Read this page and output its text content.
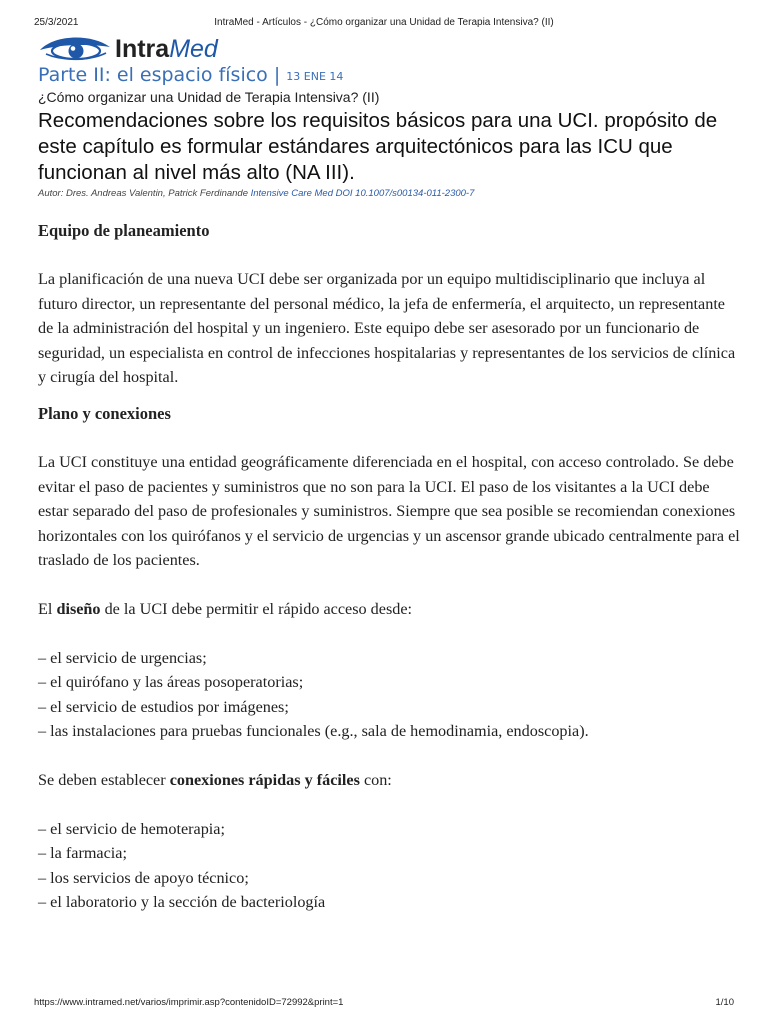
25/3/2021	IntraMed - Artículos - ¿Cómo organizar una Unidad de Terapia Intensiva? (II)
IntraMed
Parte II: el espacio físico | 13 ENE 14
¿Cómo organizar una Unidad de Terapia Intensiva? (II)
Recomendaciones sobre los requisitos básicos para una UCI. propósito de este capítulo es formular estándares arquitectónicos para las ICU que funcionan al nivel más alto (NA III).
Autor: Dres. Andreas Valentin, Patrick Ferdinande Intensive Care Med DOI 10.1007/s00134-011-2300-7
Equipo de planeamiento

La planificación de una nueva UCI debe ser organizada por un equipo multidisciplinario que incluya al futuro director, un representante del personal médico, la jefa de enfermería, el arquitecto, un representante de la administración del hospital y un ingeniero. Este equipo debe ser asesorado por un funcionario de seguridad, un especialista en control de infecciones hospitalarias y representantes de los servicios de clínica y cirugía del hospital.

Plano y conexiones

La UCI constituye una entidad geográficamente diferenciada en el hospital, con acceso controlado. Se debe evitar el paso de pacientes y suministros que no son para la UCI. El paso de los visitantes a la UCI debe estar separado del paso de profesionales y suministros. Siempre que sea posible se recomiendan conexiones horizontales con los quirófanos y el servicio de urgencias y un ascensor grande ubicado centralmente para el traslado de los pacientes.

El diseño de la UCI debe permitir el rápido acceso desde:

– el servicio de urgencias;
– el quirófano y las áreas posoperatorias;
– el servicio de estudios por imágenes;
– las instalaciones para pruebas funcionales (e.g., sala de hemodinamia, endoscopia).

Se deben establecer conexiones rápidas y fáciles con:

– el servicio de hemoterapia;
– la farmacia;
– los servicios de apoyo técnico;
– el laboratorio y la sección de bacteriología
https://www.intramed.net/varios/imprimir.asp?contenidoID=72992&print=1	1/10
